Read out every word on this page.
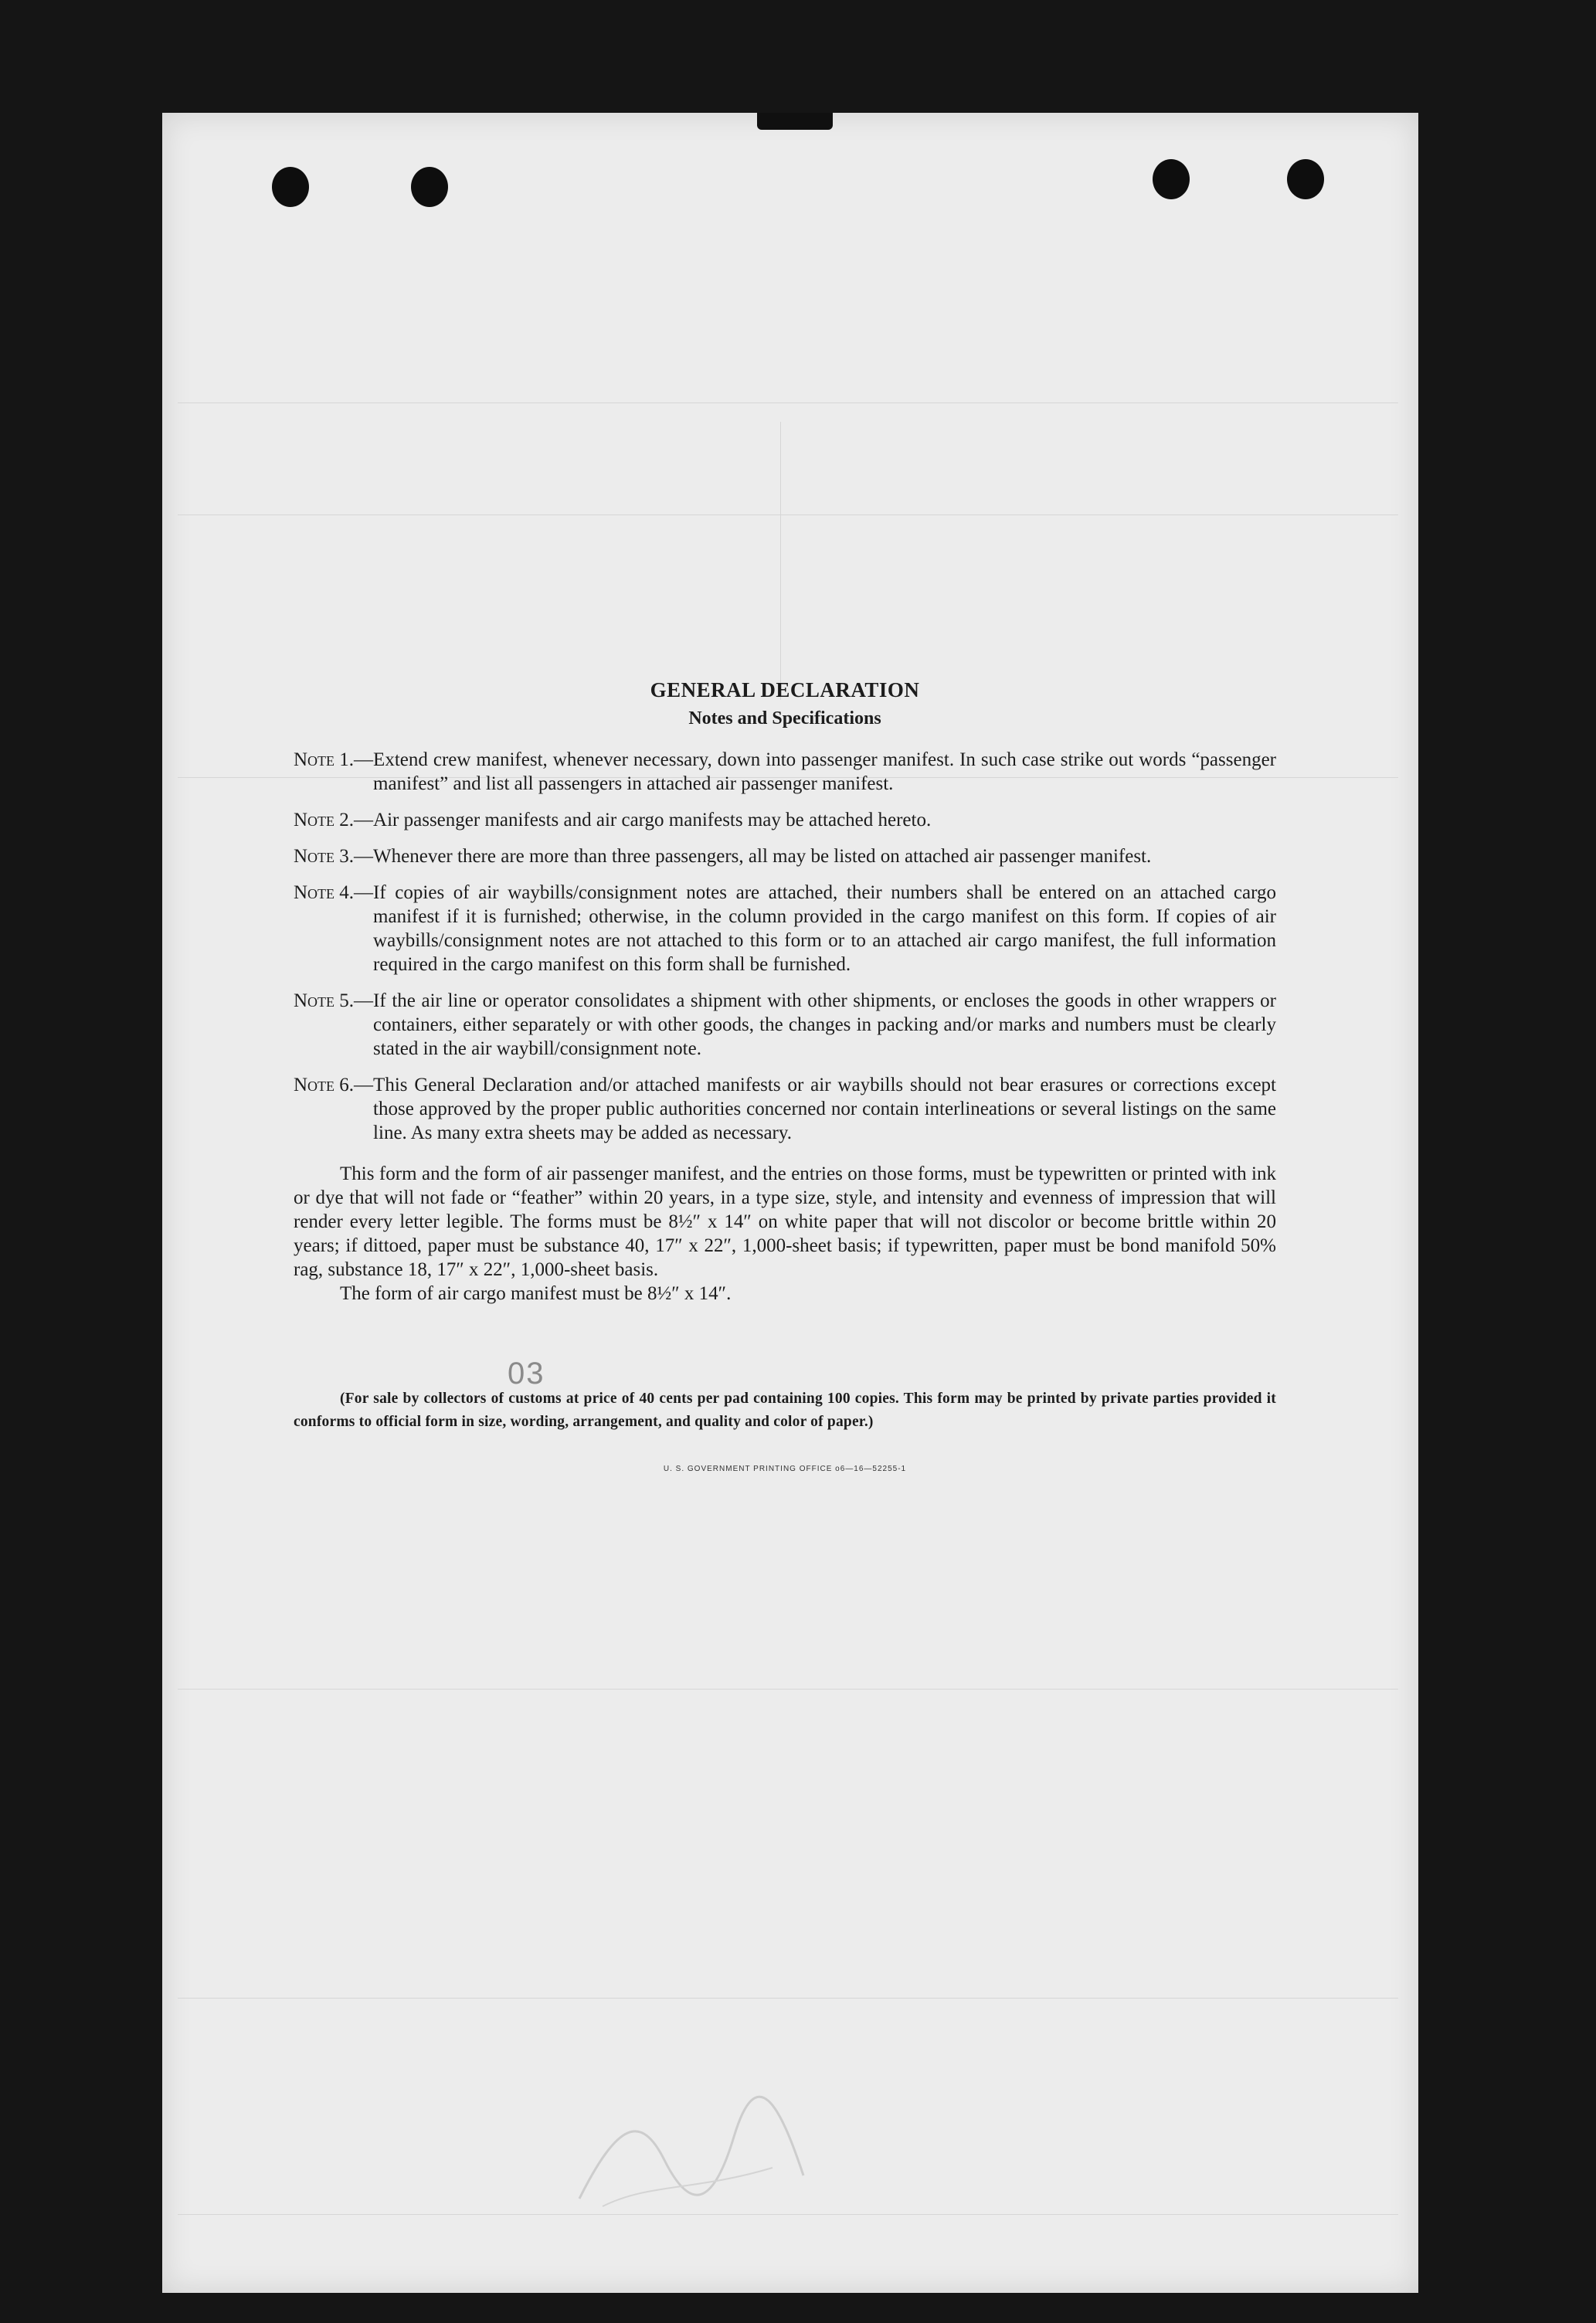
GENERAL DECLARATION
Notes and Specifications
Note 1.— Extend crew manifest, whenever necessary, down into passenger manifest. In such case strike out words “passenger manifest” and list all passengers in attached air passenger manifest.
Note 2.— Air passenger manifests and air cargo manifests may be attached hereto.
Note 3.— Whenever there are more than three passengers, all may be listed on attached air passenger manifest.
Note 4.— If copies of air waybills/consignment notes are attached, their numbers shall be entered on an attached cargo manifest if it is furnished; otherwise, in the column provided in the cargo manifest on this form. If copies of air waybills/consignment notes are not attached to this form or to an attached air cargo manifest, the full information required in the cargo manifest on this form shall be furnished.
Note 5.— If the air line or operator consolidates a shipment with other shipments, or encloses the goods in other wrappers or containers, either separately or with other goods, the changes in packing and/or marks and numbers must be clearly stated in the air waybill/consignment note.
Note 6.— This General Declaration and/or attached manifests or air waybills should not bear erasures or corrections except those approved by the proper public authorities concerned nor contain interlineations or several listings on the same line. As many extra sheets may be added as necessary.
This form and the form of air passenger manifest, and the entries on those forms, must be typewritten or printed with ink or dye that will not fade or “feather” within 20 years, in a type size, style, and intensity and evenness of impression that will render every letter legible. The forms must be 8½″ x 14″ on white paper that will not discolor or become brittle within 20 years; if dittoed, paper must be substance 40, 17″ x 22″, 1,000-sheet basis; if typewritten, paper must be bond manifold 50% rag, substance 18, 17″ x 22″, 1,000-sheet basis.
The form of air cargo manifest must be 8½″ x 14″.
(For sale by collectors of customs at price of 40 cents per pad containing 100 copies. This form may be printed by private parties provided it conforms to official form in size, wording, arrangement, and quality and color of paper.)
U. S. GOVERNMENT PRINTING OFFICE o6—16—52255-1
03
